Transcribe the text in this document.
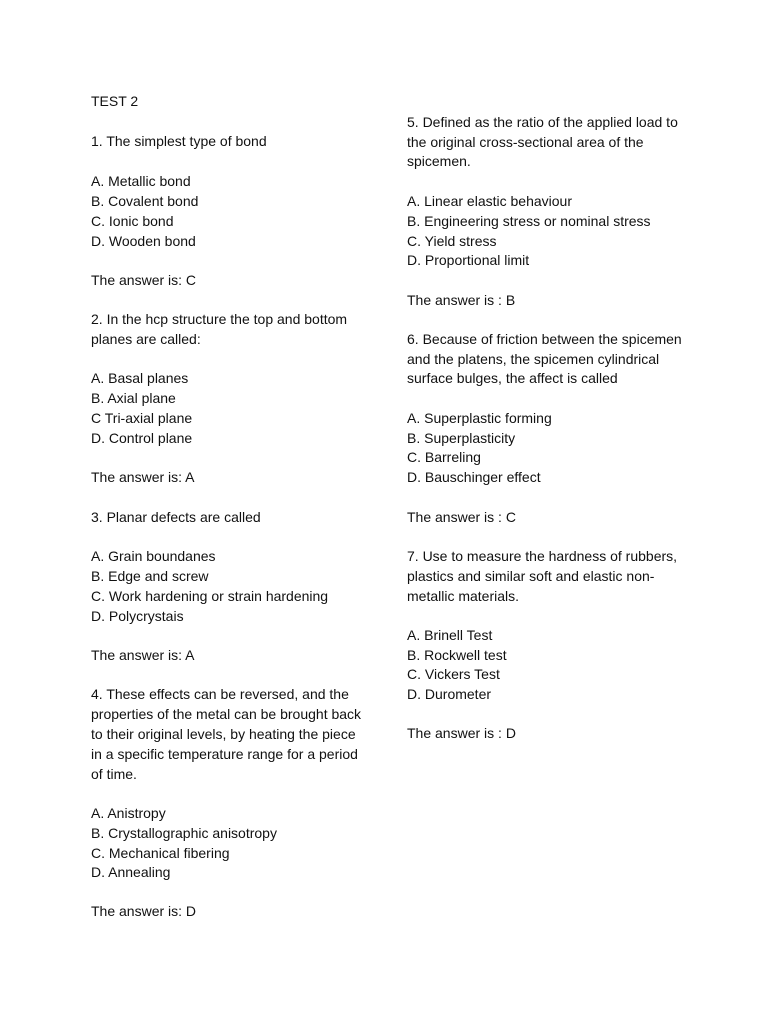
TEST 2
1. The simplest type of bond
A. Metallic bond
B. Covalent bond
C. Ionic bond
D. Wooden bond
The answer is: C
2. In the hcp structure the top and bottom
planes are called:
A. Basal planes
B. Axial plane
C Tri-axial plane
D. Control plane
The answer is: A
3. Planar defects are called
A. Grain boundanes
B. Edge and screw
C. Work hardening or strain hardening
D. Polycrystais
The answer is: A
4. These effects can be reversed, and the
properties of the metal can be brought back
to their original levels, by heating the piece
in a specific temperature range for a period
of time.
A. Anistropy
B. Crystallographic anisotropy
C. Mechanical fibering
D. Annealing
The answer is: D
5. Defined as the ratio of the applied load to
the original cross-sectional area of the
spicemen.
A. Linear elastic behaviour
B. Engineering stress or nominal stress
C. Yield stress
D. Proportional limit
The answer is : B
6. Because of friction between the spicemen
and the platens, the spicemen cylindrical
surface bulges, the affect is called
A. Superplastic forming
B. Superplasticity
C. Barreling
D. Bauschinger effect
The answer is : C
7. Use to measure the hardness of rubbers,
plastics and similar soft and elastic non-
metallic materials.
A. Brinell Test
B. Rockwell test
C. Vickers Test
D. Durometer
The answer is : D
